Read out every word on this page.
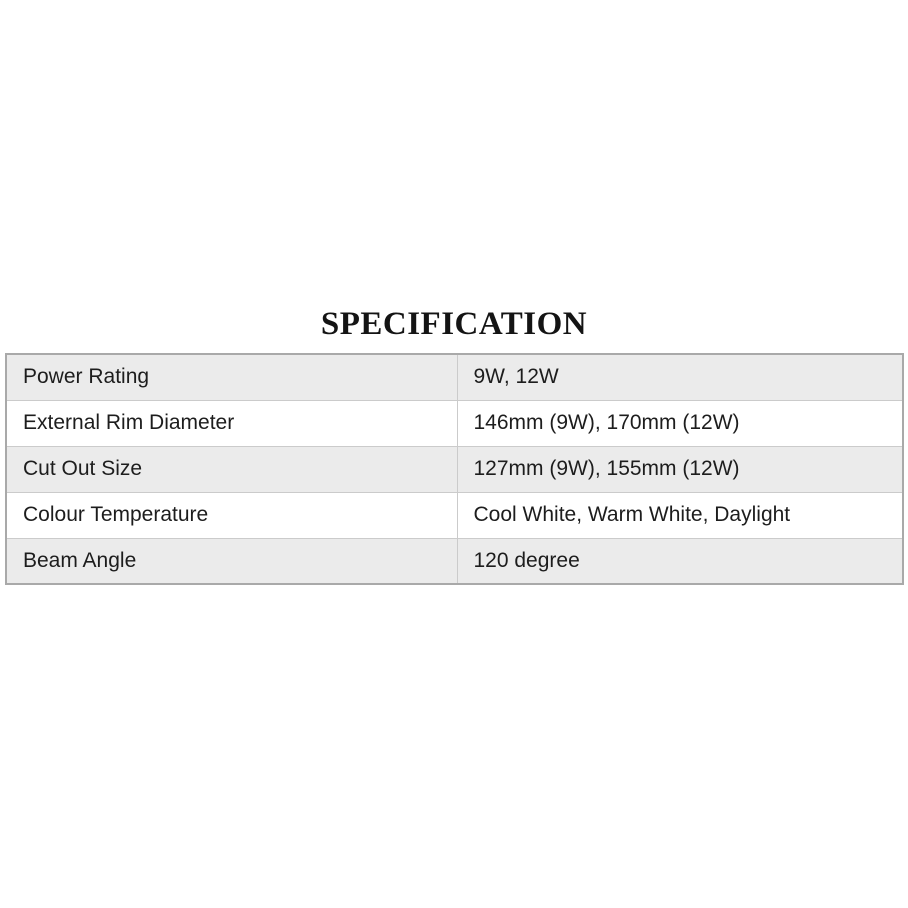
SPECIFICATION
Power Rating	9W, 12W
External Rim Diameter	146mm (9W), 170mm (12W)
Cut Out Size	127mm (9W), 155mm (12W)
Colour Temperature	Cool White, Warm White, Daylight
Beam Angle	120 degree
